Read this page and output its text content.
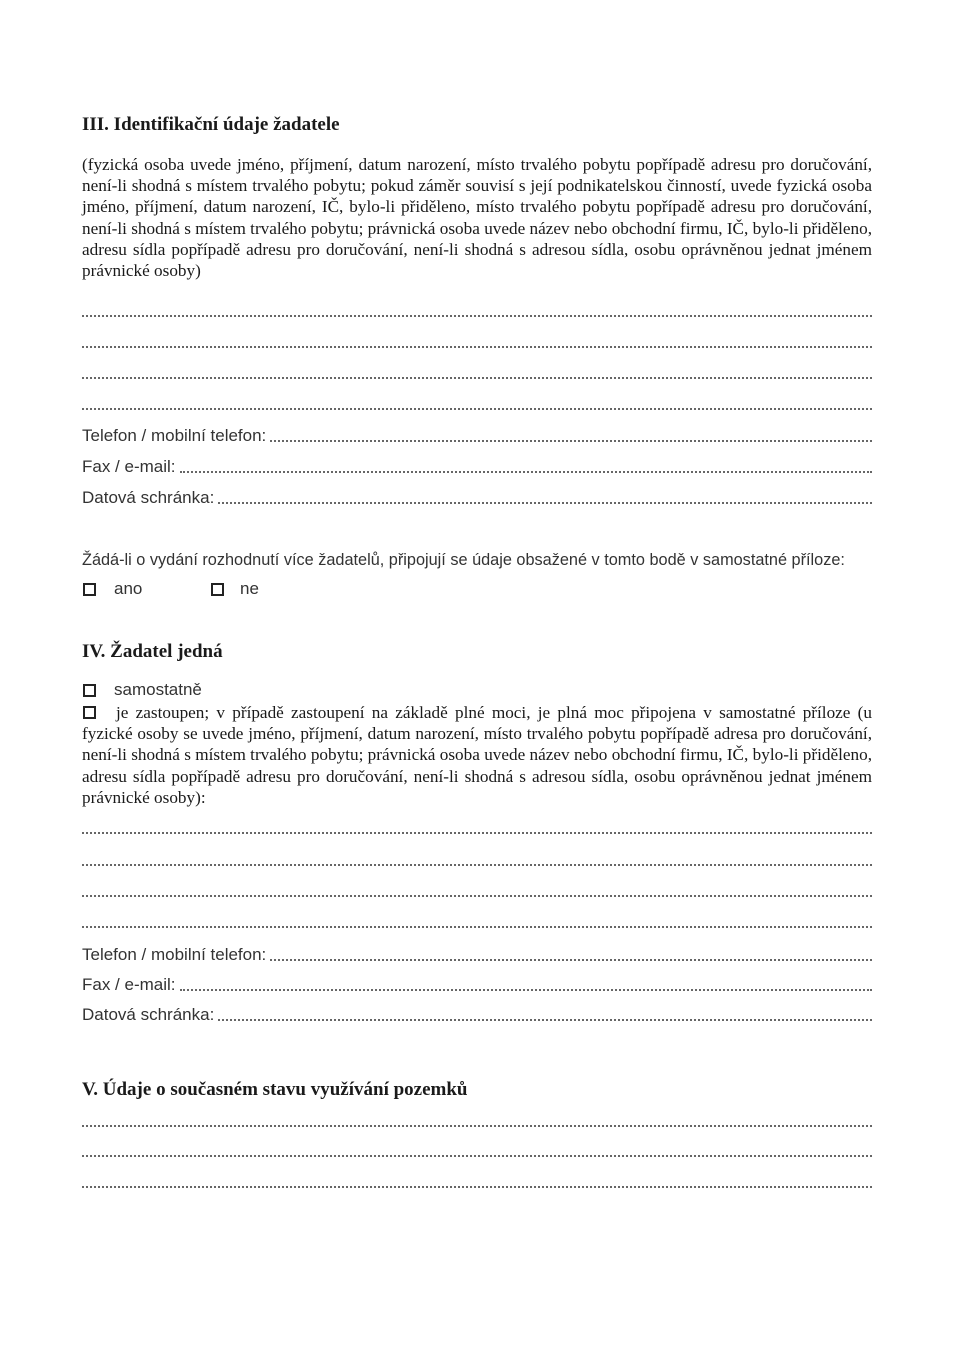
III. Identifikační údaje žadatele
(fyzická osoba uvede jméno, příjmení, datum narození, místo trvalého pobytu popřípadě adresu pro doručování, není-li shodná s místem trvalého pobytu; pokud záměr souvisí s její podnikatelskou činností, uvede fyzická osoba jméno, příjmení, datum narození, IČ, bylo-li přiděleno, místo trvalého pobytu popřípadě adresu pro doručování, není-li shodná s místem trvalého pobytu; právnická osoba uvede název nebo obchodní firmu, IČ, bylo-li přiděleno, adresu sídla popřípadě adresu pro doručování, není-li shodná s adresou sídla, osobu oprávněnou jednat jménem právnické osoby)
Telefon / mobilní telefon:
Fax / e-mail:
Datová schránka:
Žádá-li o vydání rozhodnutí více žadatelů, připojují se údaje obsažené v tomto bodě v samostatné příloze:
ano	ne
IV. Žadatel jedná
samostatně
je zastoupen; v případě zastoupení na základě plné moci, je plná moc připojena v samostatné příloze (u fyzické osoby se uvede jméno, příjmení, datum narození, místo trvalého pobytu popřípadě adresa pro doručování, není-li shodná s místem trvalého pobytu; právnická osoba uvede název nebo obchodní firmu, IČ, bylo-li přiděleno, adresu sídla popřípadě adresu pro doručování, není-li shodná s adresou sídla, osobu oprávněnou jednat jménem právnické osoby):
Telefon / mobilní telefon:
Fax / e-mail:
Datová schránka:
V. Údaje o současném stavu využívání pozemků
